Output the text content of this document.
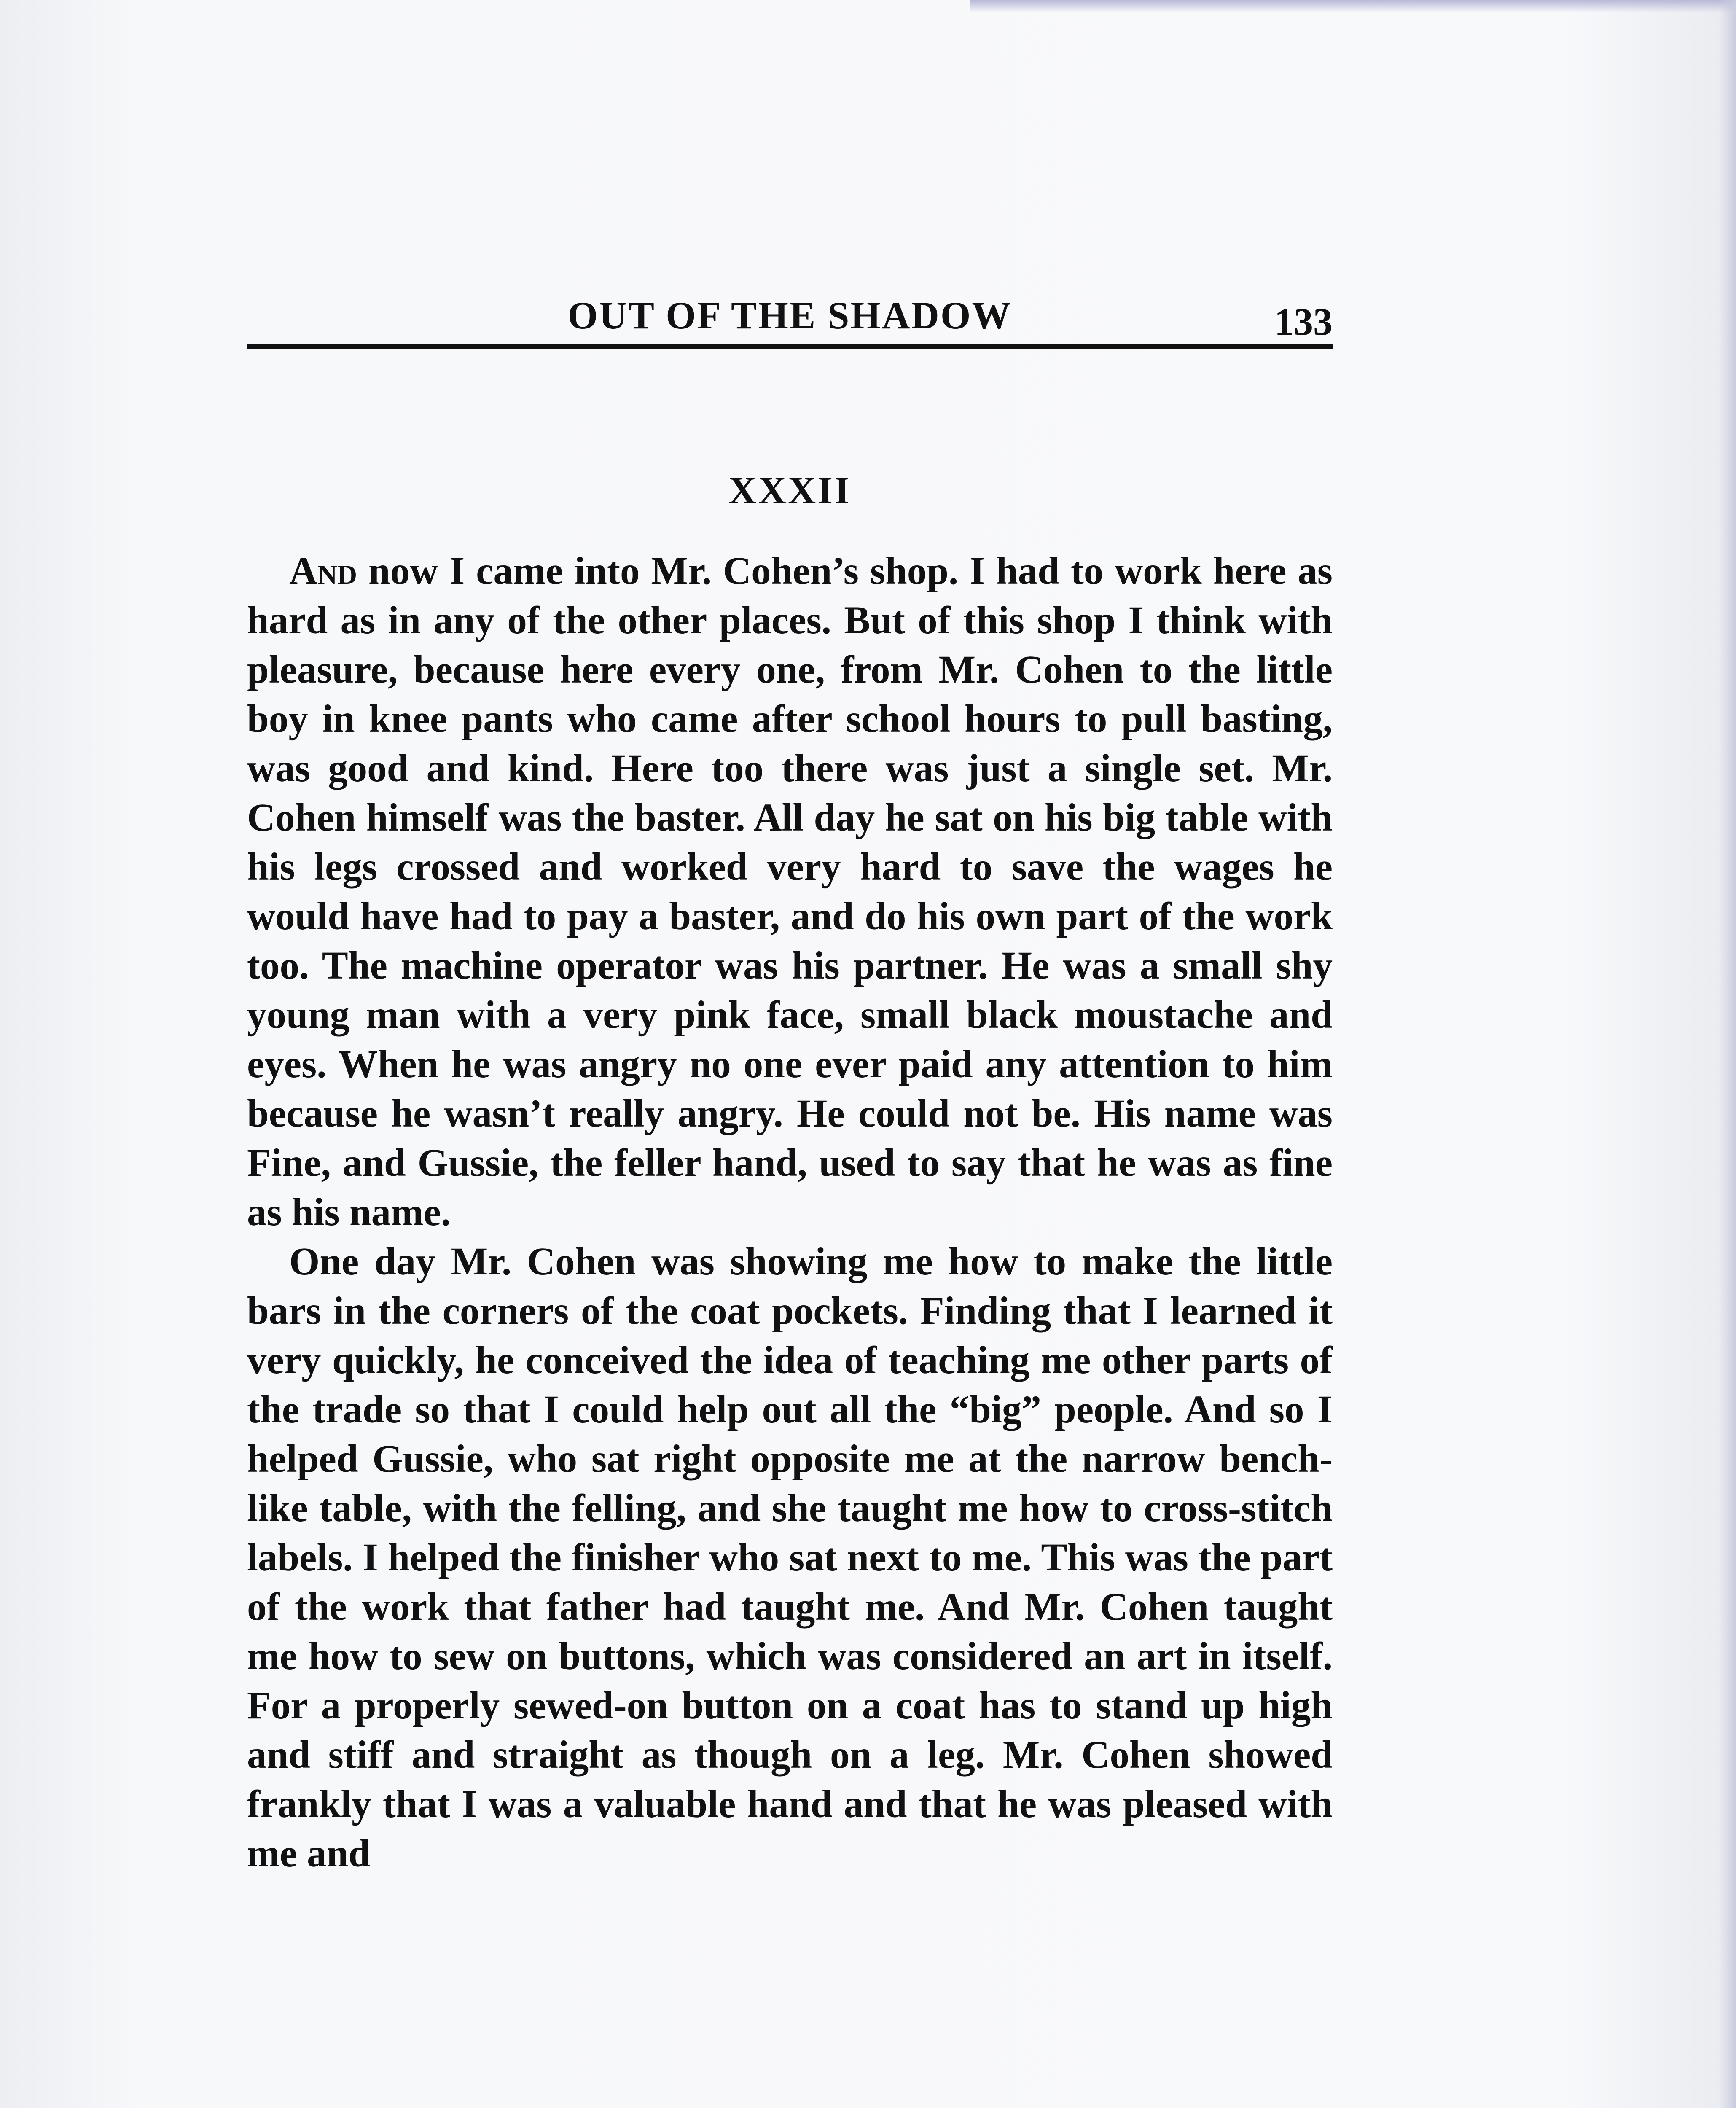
OUT OF THE SHADOW	133
XXXII

And now I came into Mr. Cohen’s shop. I had to work here as hard as in any of the other places. But of this shop I think with pleasure, because here every one, from Mr. Cohen to the little boy in knee pants who came after school hours to pull basting, was good and kind. Here too there was just a single set. Mr. Cohen himself was the baster. All day he sat on his big table with his legs crossed and worked very hard to save the wages he would have had to pay a baster, and do his own part of the work too. The machine operator was his partner. He was a small shy young man with a very pink face, small black moustache and eyes. When he was angry no one ever paid any attention to him because he wasn’t really angry. He could not be. His name was Fine, and Gussie, the feller hand, used to say that he was as fine as his name.

One day Mr. Cohen was showing me how to make the little bars in the corners of the coat pockets. Finding that I learned it very quickly, he conceived the idea of teaching me other parts of the trade so that I could help out all the “big” people. And so I helped Gussie, who sat right opposite me at the narrow bench-like table, with the felling, and she taught me how to cross-stitch labels. I helped the finisher who sat next to me. This was the part of the work that father had taught me. And Mr. Cohen taught me how to sew on buttons, which was considered an art in itself. For a properly sewed-on button on a coat has to stand up high and stiff and straight as though on a leg. Mr. Cohen showed frankly that I was a valuable hand and that he was pleased with me and
